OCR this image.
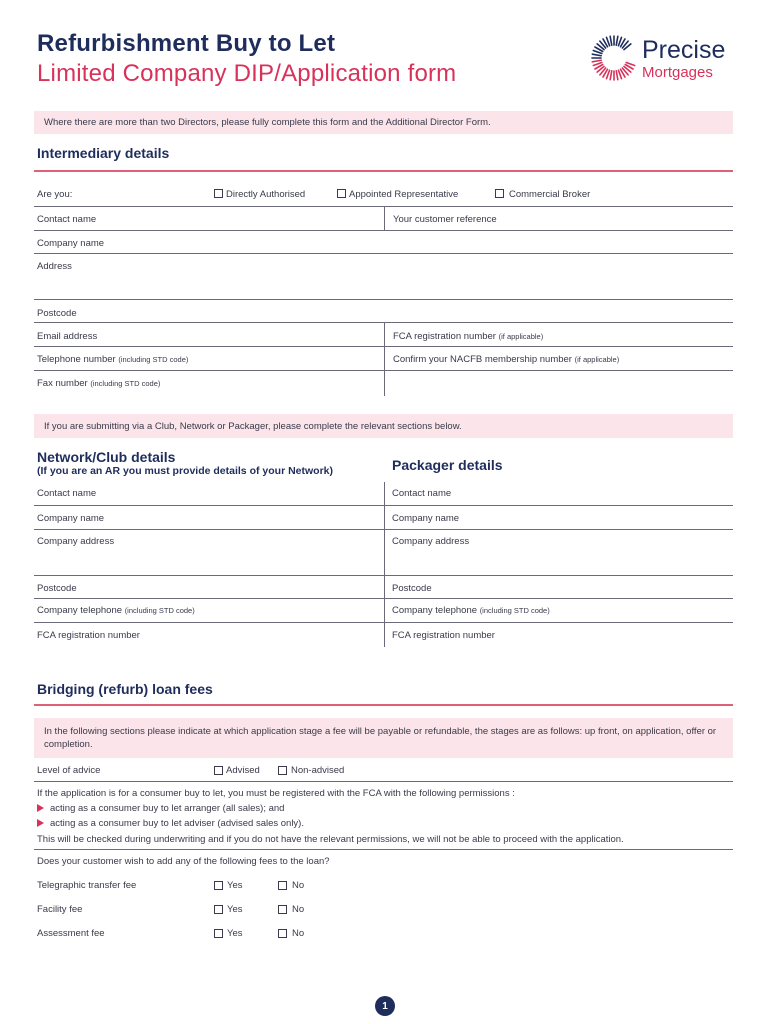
Refurbishment Buy to Let
Limited Company DIP/Application form
Precise
Mortgages
Where there are more than two Directors, please fully complete this form and the Additional Director Form.
Intermediary details
Are you:	Directly Authorised	Appointed Representative	Commercial Broker
Contact name	Your customer reference
Company name
Address
Postcode
Email address	FCA registration number (if applicable)
Telephone number (including STD code)	Confirm your NACFB membership number (if applicable)
Fax number (including STD code)
If you are submitting via a Club, Network or Packager, please complete the relevant sections below.
Network/Club details
(If you are an AR you must provide details of your Network)	Packager details
Contact name	Contact name
Company name	Company name
Company address	Company address
Postcode	Postcode
Company telephone (including STD code)	Company telephone (including STD code)
FCA registration number	FCA registration number
Bridging (refurb) loan fees
In the following sections please indicate at which application stage a fee will be payable or refundable, the stages are as follows: up front, on application, offer or completion.
Level of advice	Advised	Non-advised
If the application is for a consumer buy to let, you must be registered with the FCA with the following permissions :
acting as a consumer buy to let arranger (all sales); and
acting as a consumer buy to let adviser (advised sales only).
This will be checked during underwriting and if you do not have the relevant permissions, we will not be able to proceed with the application.
Does your customer wish to add any of the following fees to the loan?
Telegraphic transfer fee	Yes	No
Facility fee	Yes	No
Assessment fee	Yes	No
1
